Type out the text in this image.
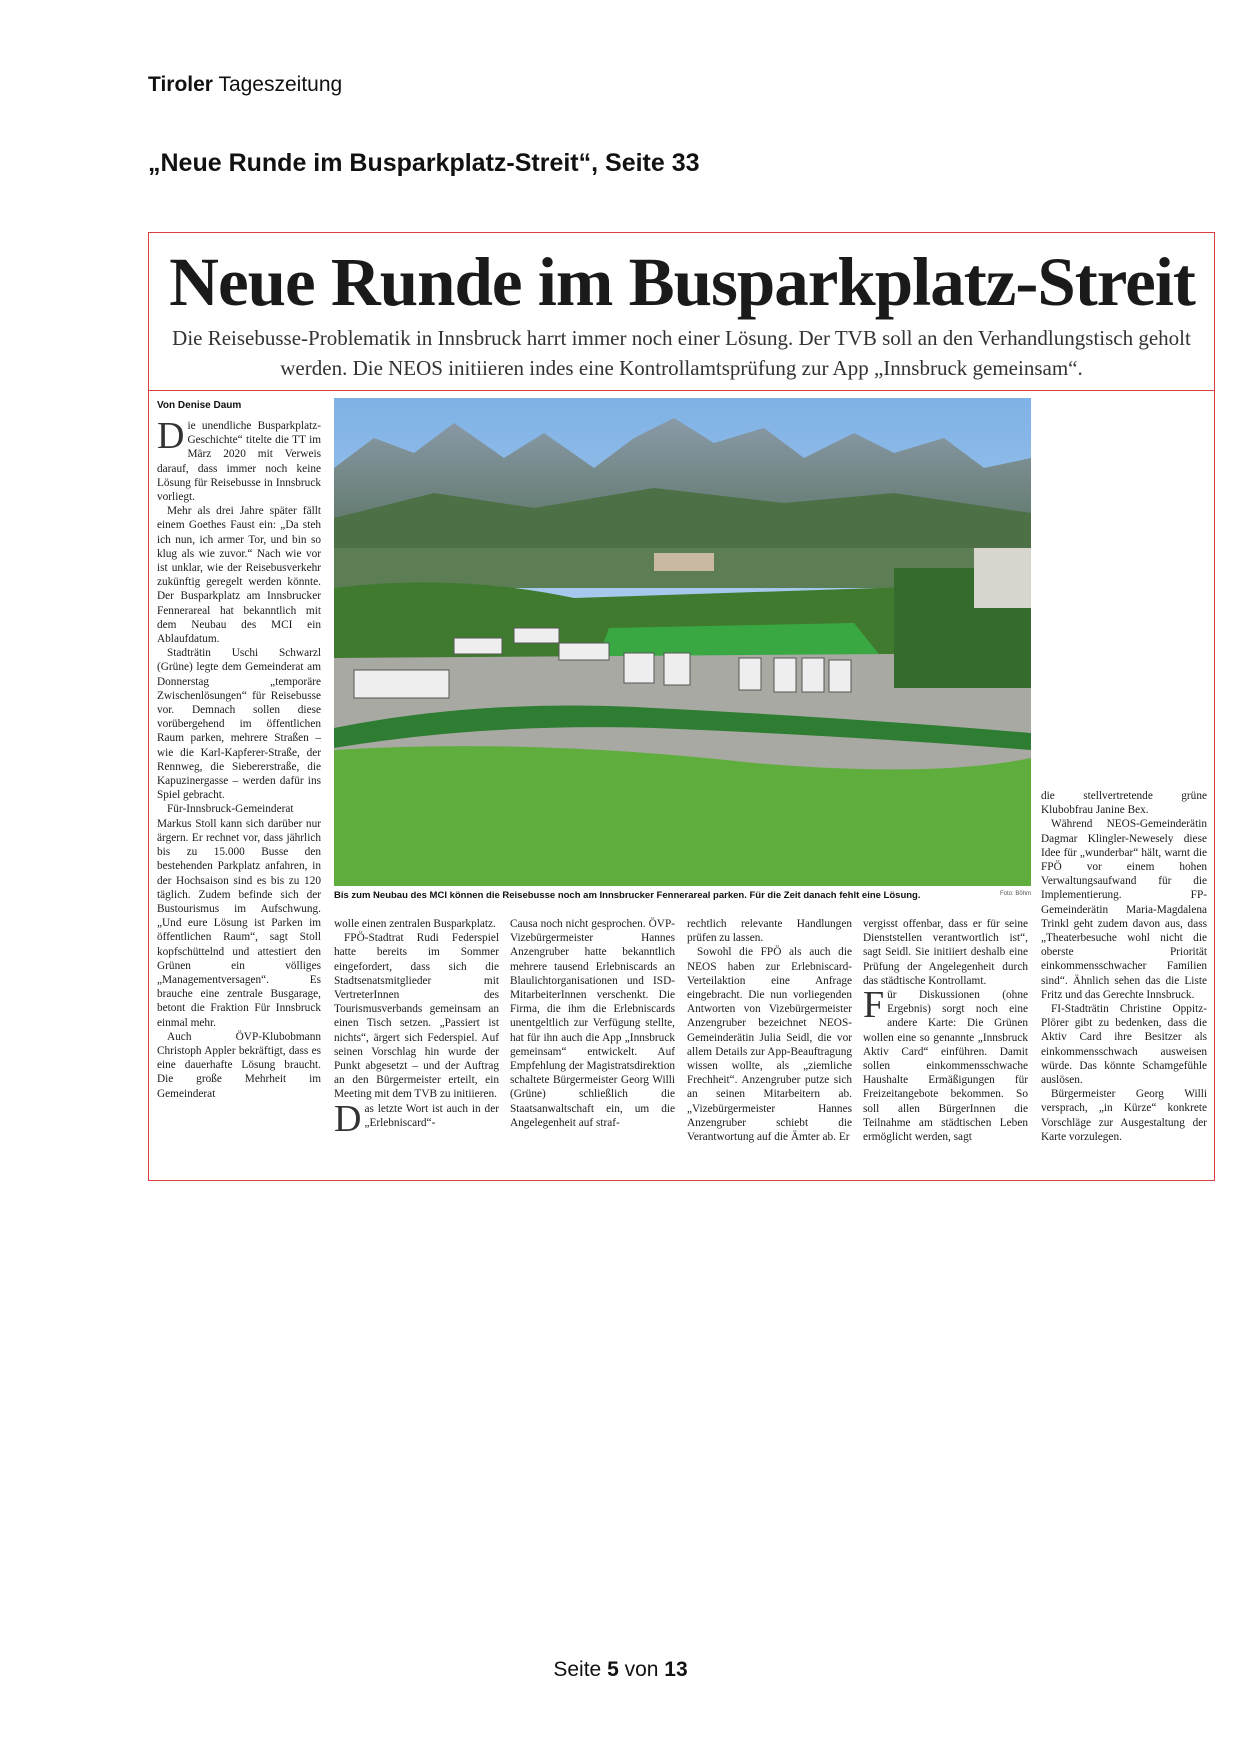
Tiroler Tageszeitung
„Neue Runde im Busparkplatz-Streit“, Seite 33
Neue Runde im Busparkplatz-Streit
Die Reisebusse-Problematik in Innsbruck harrt immer noch einer Lösung. Der TVB soll an den Verhandlungstisch geholt werden. Die NEOS initiieren indes eine Kontrollamtsprüfung zur App „Innsbruck gemeinsam“.
Von Denise Daum

Die unendliche Busparkplatz-Geschichte“ titelte die TT im März 2020 mit Verweis darauf, dass immer noch keine Lösung für Reisebusse in Innsbruck vorliegt.

Mehr als drei Jahre später fällt einem Goethes Faust ein: „Da steh ich nun, ich armer Tor, und bin so klug als wie zuvor.“ Nach wie vor ist unklar, wie der Reisebusverkehr zukünftig geregelt werden könnte. Der Busparkplatz am Innsbrucker Fennerareal hat bekanntlich mit dem Neubau des MCI ein Ablaufdatum.

Stadträtin Uschi Schwarzl (Grüne) legte dem Gemeinderat am Donnerstag „temporäre Zwischenlösungen“ für Reisebusse vor. Demnach sollen diese vorübergehend im öffentlichen Raum parken, mehrere Straßen – wie die Karl-Kapferer-Straße, der Rennweg, die Siebererstraße, die Kapuzinergasse – werden dafür ins Spiel gebracht.

Für-Innsbruck-Gemeinderat Markus Stoll kann sich darüber nur ärgern. Er rechnet vor, dass jährlich bis zu 15.000 Busse den bestehenden Parkplatz anfahren, in der Hochsaison sind es bis zu 120 täglich. Zudem befinde sich der Bustourismus im Aufschwung. „Und eure Lösung ist Parken im öffentlichen Raum“, sagt Stoll kopfschüttelnd und attestiert den Grünen ein völliges „Managementversagen“. Es brauche eine zentrale Busgarage, betont die Fraktion Für Innsbruck einmal mehr.

Auch ÖVP-Klubobmann Christoph Appler bekräftigt, dass es eine dauerhafte Lösung braucht. Die große Mehrheit im Gemeinderat

Bis zum Neubau des MCI können die Reisebusse noch am Innsbrucker Fennerareal parken. Für die Zeit danach fehlt eine Lösung.	Foto: Böhm

wolle einen zentralen Busparkplatz.

FPÖ-Stadtrat Rudi Federspiel hatte bereits im Sommer eingefordert, dass sich die Stadtsenatsmitglieder mit VertreterInnen des Tourismusverbands gemeinsam an einen Tisch setzen. „Passiert ist nichts“, ärgert sich Federspiel. Auf seinen Vorschlag hin wurde der Punkt abgesetzt – und der Auftrag an den Bürgermeister erteilt, ein Meeting mit dem TVB zu initiieren.

Das letzte Wort ist auch in der „Erlebniscard“-

Causa noch nicht gesprochen. ÖVP-Vizebürgermeister Hannes Anzengruber hatte bekanntlich mehrere tausend Erlebniscards an Blaulichtorganisationen und ISD-MitarbeiterInnen verschenkt. Die Firma, die ihm die Erlebniscards unentgeltlich zur Verfügung stellte, hat für ihn auch die App „Innsbruck gemeinsam“ entwickelt. Auf Empfehlung der Magistratsdirektion schaltete Bürgermeister Georg Willi (Grüne) schließlich die Staatsanwaltschaft ein, um die Angelegenheit auf straf-

rechtlich relevante Handlungen prüfen zu lassen.

Sowohl die FPÖ als auch die NEOS haben zur Erlebniscard-Verteilaktion eine Anfrage eingebracht. Die nun vorliegenden Antworten von Vizebürgermeister Anzengruber bezeichnet NEOS-Gemeinderätin Julia Seidl, die vor allem Details zur App-Beauftragung wissen wollte, als „ziemliche Frechheit“. Anzengruber putze sich an seinen Mitarbeitern ab. „Vizebürgermeister Hannes Anzengruber schiebt die Verantwortung auf die Ämter ab. Er

vergisst offenbar, dass er für seine Dienststellen verantwortlich ist“, sagt Seidl. Sie initiiert deshalb eine Prüfung der Angelegenheit durch das städtische Kontrollamt.

Für Diskussionen (ohne Ergebnis) sorgt noch eine andere Karte: Die Grünen wollen eine so genannte „Innsbruck Aktiv Card“ einführen. Damit sollen einkommensschwache Haushalte Ermäßigungen für Freizeitangebote bekommen. So soll allen BürgerInnen die Teilnahme am städtischen Leben ermöglicht werden, sagt

die stellvertretende grüne Klubobfrau Janine Bex.

Während NEOS-Gemeinderätin Dagmar Klingler-Newesely diese Idee für „wunderbar“ hält, warnt die FPÖ vor einem hohen Verwaltungsaufwand für die Implementierung. FP-Gemeinderätin Maria-Magdalena Trinkl geht zudem davon aus, dass „Theaterbesuche wohl nicht die oberste Priorität einkommensschwacher Familien sind“. Ähnlich sehen das die Liste Fritz und das Gerechte Innsbruck.

FI-Stadträtin Christine Oppitz-Plörer gibt zu bedenken, dass die Aktiv Card ihre Besitzer als einkommensschwach ausweisen würde. Das könnte Schamgefühle auslösen.

Bürgermeister Georg Willi versprach, „in Kürze“ konkrete Vorschläge zur Ausgestaltung der Karte vorzulegen.

Seite 5 von 13
